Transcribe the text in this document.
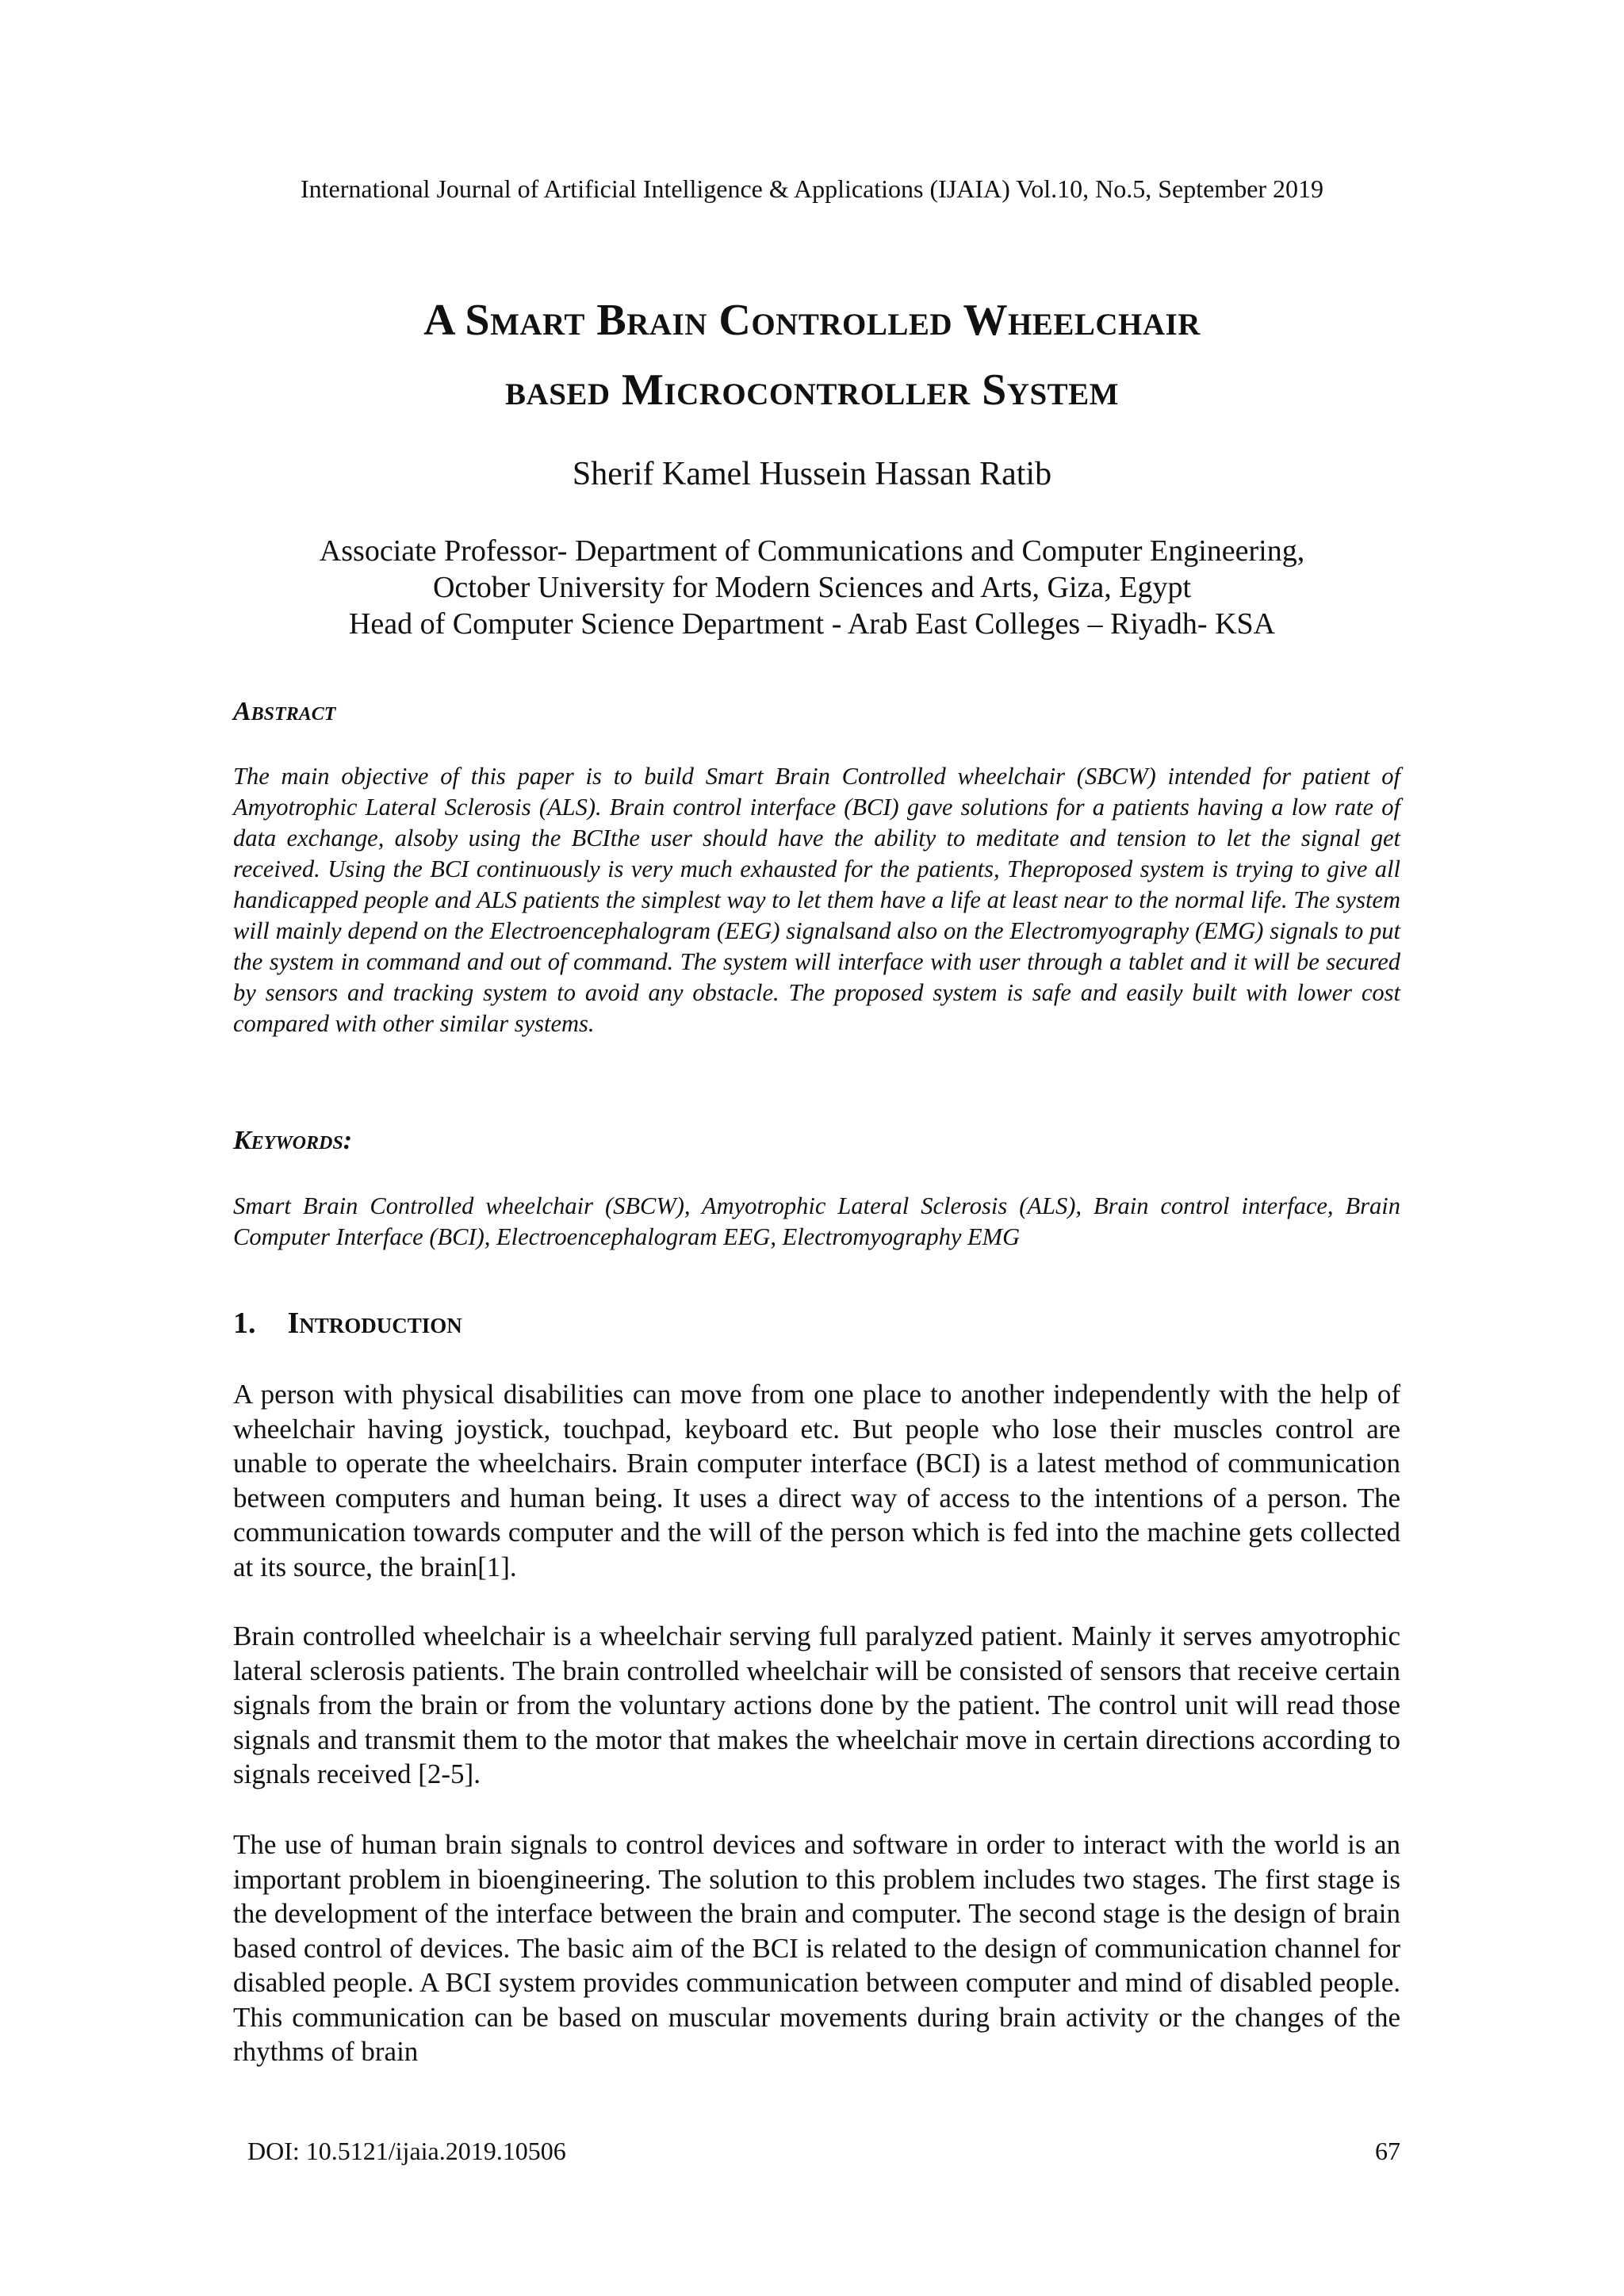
International Journal of Artificial Intelligence & Applications (IJAIA) Vol.10, No.5, September 2019
A Smart Brain Controlled Wheelchair
based Microcontroller System
Sherif Kamel Hussein Hassan Ratib
Associate Professor- Department of Communications and Computer Engineering,
October University for Modern Sciences and Arts, Giza, Egypt
Head of Computer Science Department - Arab East Colleges – Riyadh- KSA
Abstract
The main objective of this paper is to build Smart Brain Controlled wheelchair (SBCW) intended for patient of Amyotrophic Lateral Sclerosis (ALS). Brain control interface (BCI) gave solutions for a patients having a low rate of data exchange, alsoby using the BCIthe user should have the ability to meditate and tension to let the signal get received. Using the BCI continuously is very much exhausted for the patients, Theproposed system is trying to give all handicapped people and ALS patients the simplest way to let them have a life at least near to the normal life. The system will mainly depend on the Electroencephalogram (EEG) signalsand also on the Electromyography (EMG) signals to put the system in command and out of command. The system will interface with user through a tablet and it will be secured by sensors and tracking system to avoid any obstacle. The proposed system is safe and easily built with lower cost compared with other similar systems.
Keywords:
Smart Brain Controlled wheelchair (SBCW), Amyotrophic Lateral Sclerosis (ALS), Brain control interface, Brain Computer Interface (BCI), Electroencephalogram EEG, Electromyography EMG
1. Introduction
A person with physical disabilities can move from one place to another independently with the help of wheelchair having joystick, touchpad, keyboard etc. But people who lose their muscles control are unable to operate the wheelchairs. Brain computer interface (BCI) is a latest method of communication between computers and human being. It uses a direct way of access to the intentions of a person. The communication towards computer and the will of the person which is fed into the machine gets collected at its source, the brain[1].
Brain controlled wheelchair is a wheelchair serving full paralyzed patient. Mainly it serves amyotrophic lateral sclerosis patients. The brain controlled wheelchair will be consisted of sensors that receive certain signals from the brain or from the voluntary actions done by the patient. The control unit will read those signals and transmit them to the motor that makes the wheelchair move in certain directions according to signals received [2-5].
The use of human brain signals to control devices and software in order to interact with the world is an important problem in bioengineering. The solution to this problem includes two stages. The first stage is the development of the interface between the brain and computer. The second stage is the design of brain based control of devices. The basic aim of the BCI is related to the design of communication channel for disabled people. A BCI system provides communication between computer and mind of disabled people. This communication can be based on muscular movements during brain activity or the changes of the rhythms of brain
DOI: 10.5121/ijaia.2019.10506	67
